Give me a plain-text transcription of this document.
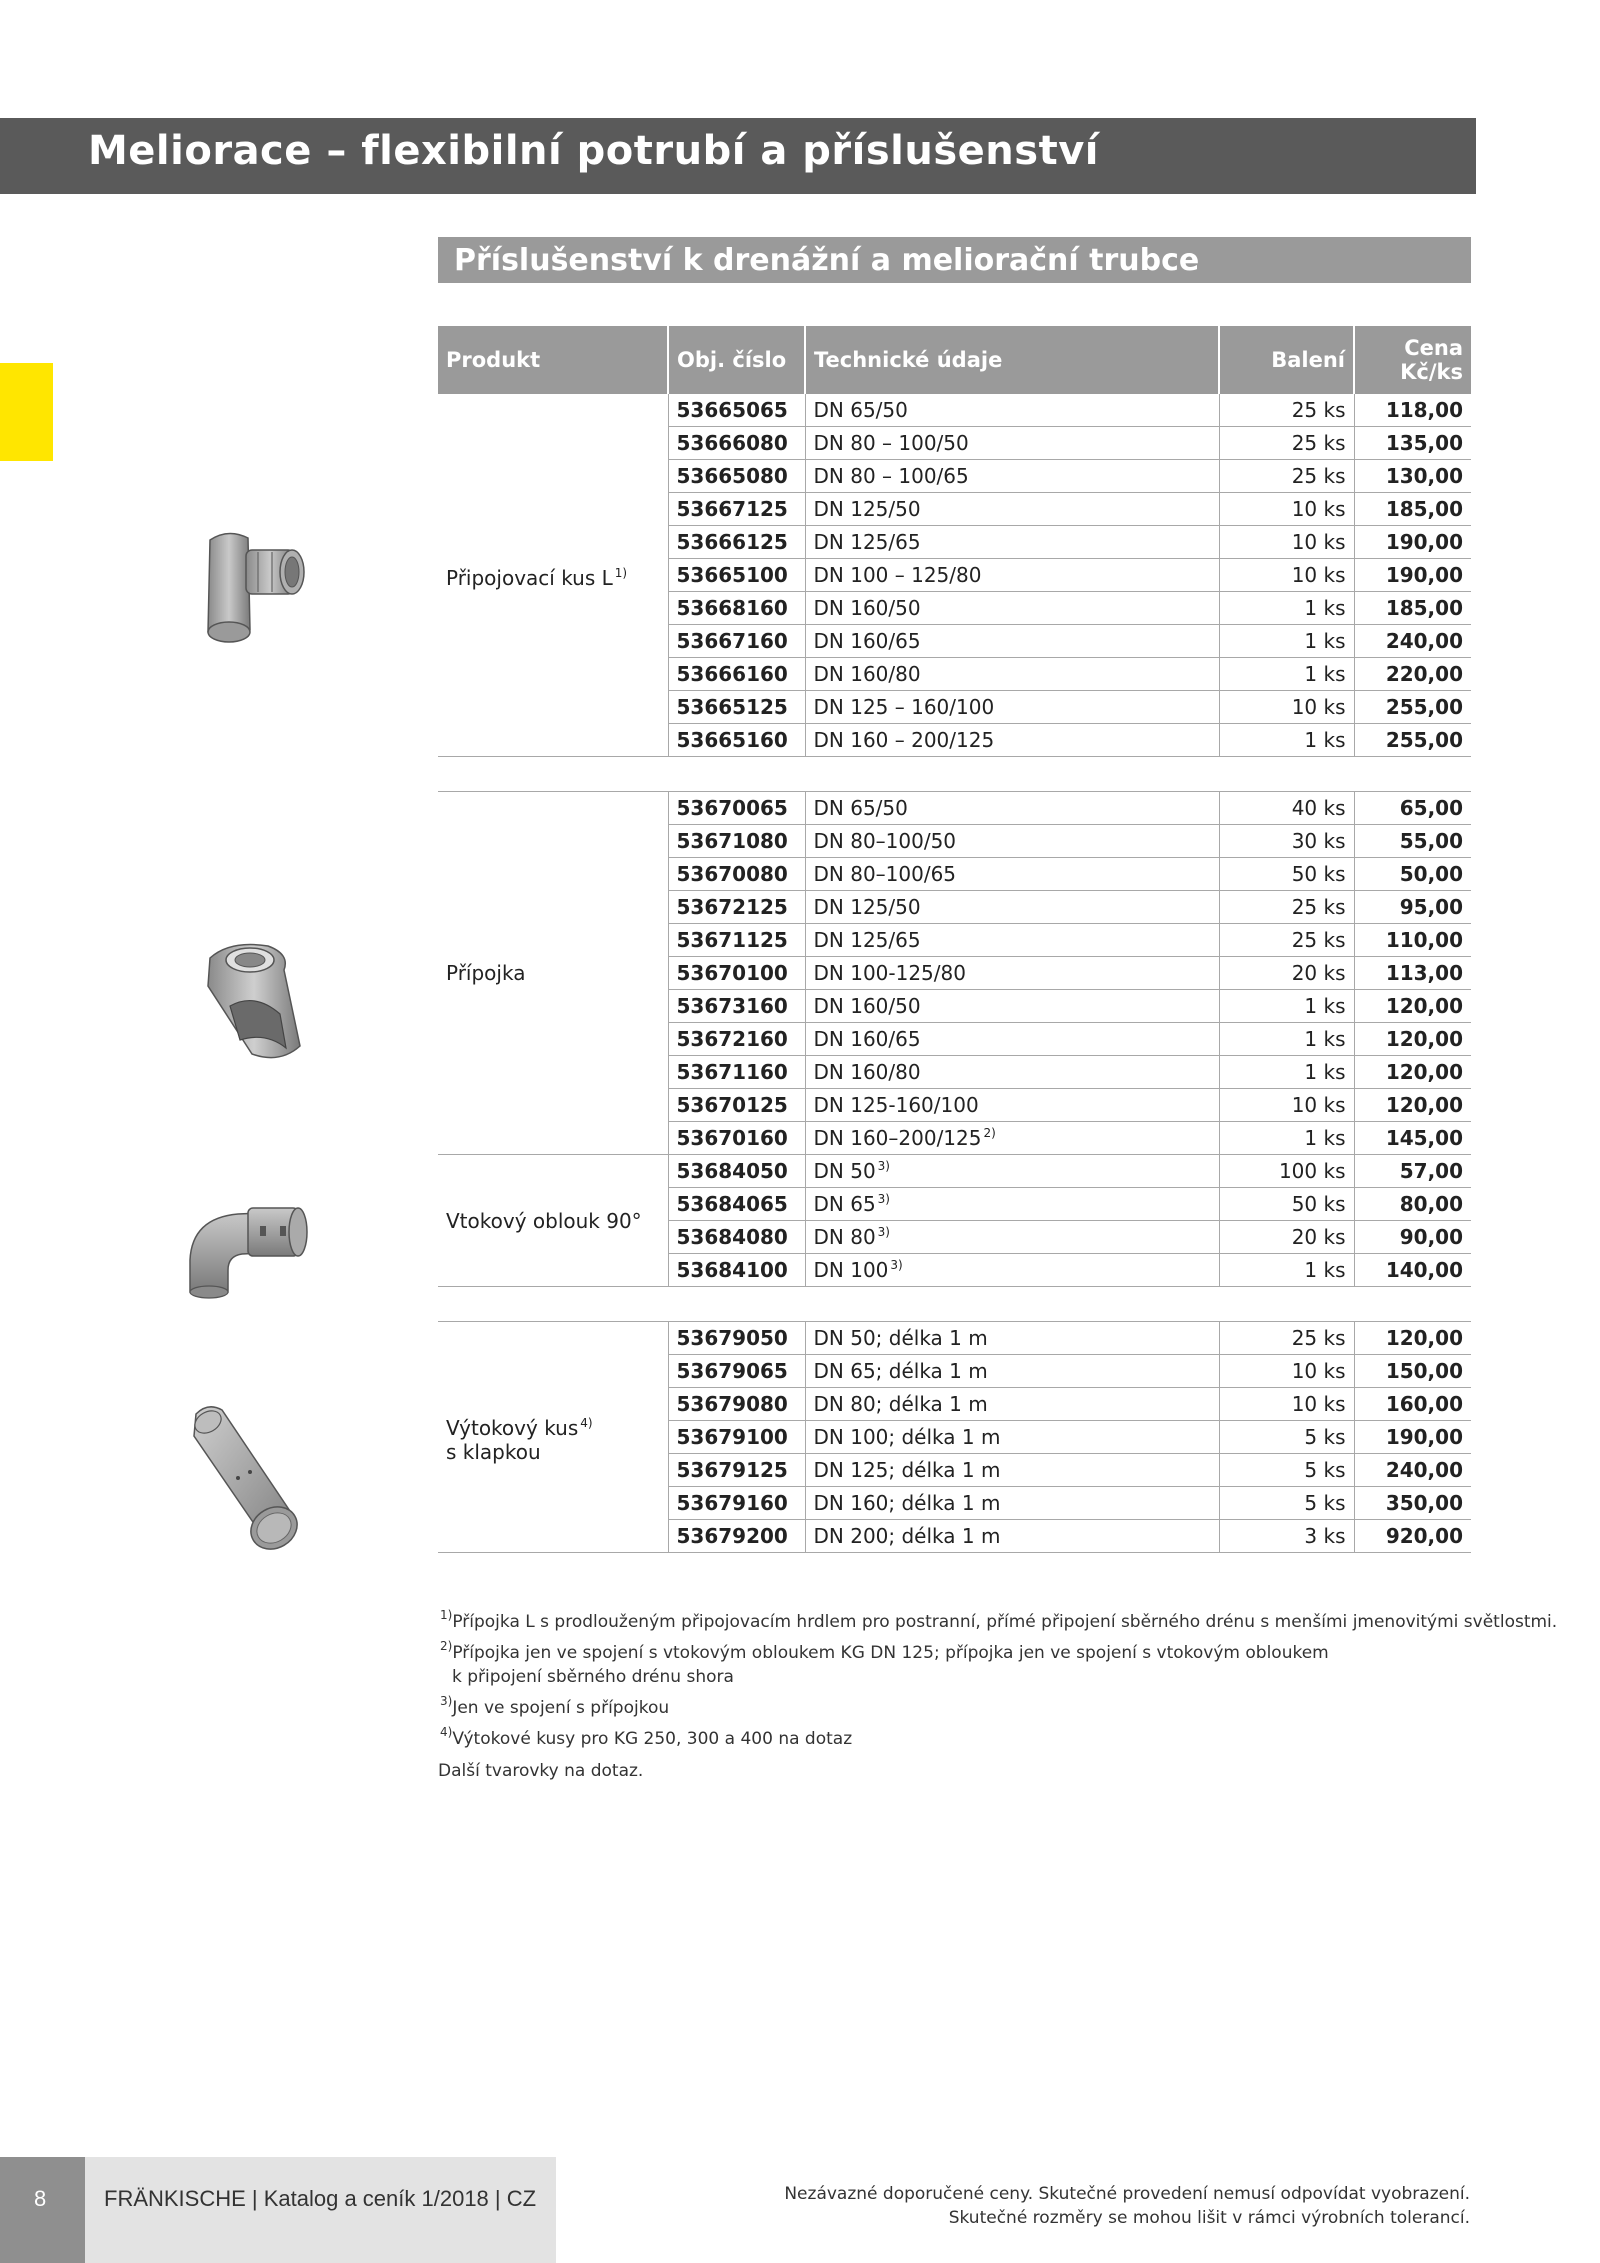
Meliorace – flexibilní potrubí a příslušenství
Příslušenství k drenážní a meliorační trubce
Produkt	Obj. číslo	Technické údaje	Balení	Cena
Kč/ks
Připojovací kus L $^{1)}$	53665065	DN 65/50	25 ks	118,00
	53666080	DN 80 – 100/50	25 ks	135,00
	53665080	DN 80 – 100/65	25 ks	130,00
	53667125	DN 125/50	10 ks	185,00
	53666125	DN 125/65	10 ks	190,00
	53665100	DN 100 – 125/80	10 ks	190,00
	53668160	DN 160/50	1 ks	185,00
	53667160	DN 160/65	1 ks	240,00
	53666160	DN 160/80	1 ks	220,00
	53665125	DN 125 – 160/100	10 ks	255,00
	53665160	DN 160 – 200/125	1 ks	255,00

Přípojka	53670065	DN 65/50	40 ks	65,00
	53671080	DN 80–100/50	30 ks	55,00
	53670080	DN 80–100/65	50 ks	50,00
	53672125	DN 125/50	25 ks	95,00
	53671125	DN 125/65	25 ks	110,00
	53670100	DN 100-125/80	20 ks	113,00
	53673160	DN 160/50	1 ks	120,00
	53672160	DN 160/65	1 ks	120,00
	53671160	DN 160/80	1 ks	120,00
	53670125	DN 125-160/100	10 ks	120,00
	53670160	DN 160–200/125 $^{2)}$	1 ks	145,00
Vtokový oblouk 90°	53684050	DN 50 $^{3)}$	100 ks	57,00
	53684065	DN 65 $^{3)}$	50 ks	80,00
	53684080	DN 80 $^{3)}$	20 ks	90,00
	53684100	DN 100 $^{3)}$	1 ks	140,00

Výtokový kus $^{4)}$
s klapkou	53679050	DN 50; délka 1 m	25 ks	120,00
	53679065	DN 65; délka 1 m	10 ks	150,00
	53679080	DN 80; délka 1 m	10 ks	160,00
	53679100	DN 100; délka 1 m	5 ks	190,00
	53679125	DN 125; délka 1 m	5 ks	240,00
	53679160	DN 160; délka 1 m	5 ks	350,00
	53679200	DN 200; délka 1 m	3 ks	920,00
$^{1)}$Přípojka L s prodlouženým připojovacím hrdlem pro postranní, přímé připojení sběrného drénu s menšími jmenovitými světlostmi.
$^{2)}$Přípojka jen ve spojení s vtokovým obloukem KG DN 125; přípojka jen ve spojení s vtokovým obloukem
k připojení sběrného drénu shora
$^{3)}$Jen ve spojení s přípojkou
$^{4)}$Výtokové kusy pro KG 250, 300 a 400 na dotaz
Další tvarovky na dotaz.
8	FRÄNKISCHE | Katalog a ceník 1/2018 | CZ	Nezávazné doporučené ceny. Skutečné provedení nemusí odpovídat vyobrazení.
Skutečné rozměry se mohou lišit v rámci výrobních tolerancí.
